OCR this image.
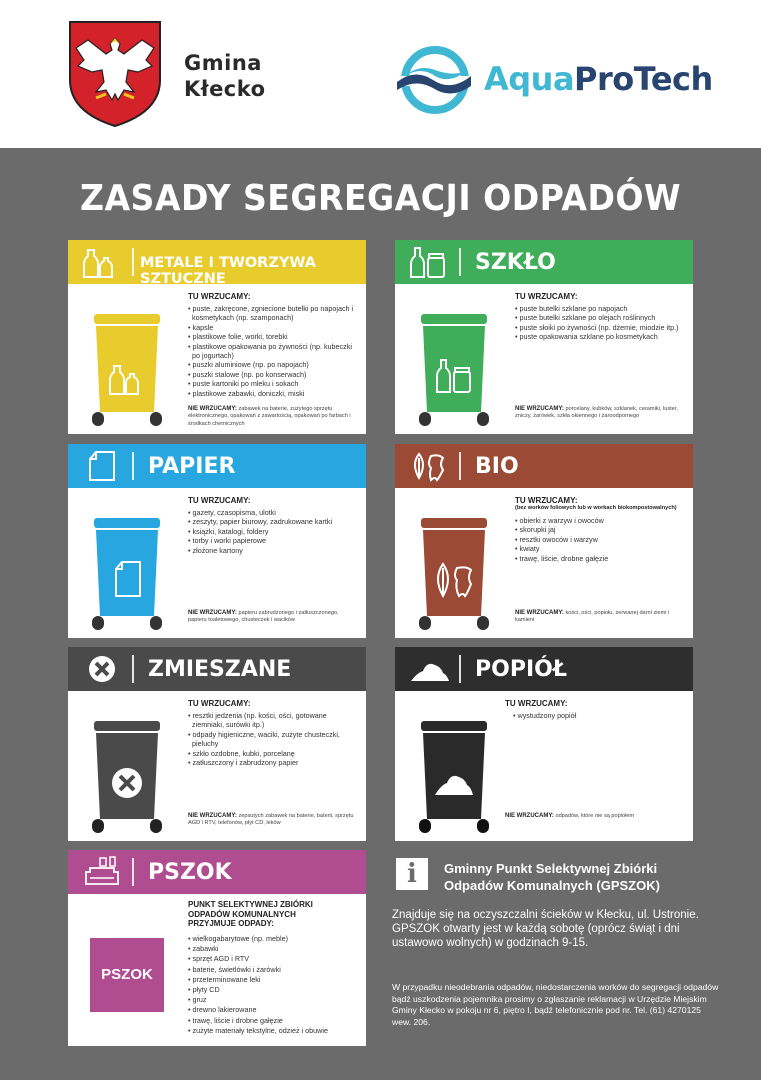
Gmina
Kłecko	AquaProTech
ZASADY SEGREGACJI ODPADÓW
METALE I TWORZYWA SZTUCZNE
TU WRZUCAMY:
• puste, zakręcone, zgniecione butelki po napojach i kosmetykach (np. szamponach)
• kapsle
• plastikowe folie, worki, torebki
• plastikowe opakowania po żywności (np. kubeczki po jogurtach)
• puszki aluminiowe (np. po napojach)
• puszki stalowe (np. po konserwach)
• puste kartoniki po mleku i sokach
• plastikowe zabawki, doniczki, miski
NIE WRZUCAMY: zabawek na baterie, zużytego sprzętu elektronicznego, opakowań z zawartością, opakowań po farbach i środkach chemicznych
SZKŁO
TU WRZUCAMY:
• puste butelki szklane po napojach
• puste butelki szklane po olejach roślinnych
• puste słoiki po żywności (np. dżemie, miodzie itp.)
• puste opakowania szklane po kosmetykach
NIE WRZUCAMY: porcelany, kubków, szklanek, ceramiki, luster, zniczy, żarówek, szkła okiennego i żaroodpornego
PAPIER
TU WRZUCAMY:
• gazety, czasopisma, ulotki
• zeszyty, papier biurowy, zadrukowane kartki
• książki, katalogi, foldery
• torby i worki papierowe
• złożone kartony
NIE WRZUCAMY: papieru zabrudzonego i zatłuszczonego, papieru toaletowego, chusteczek i wacików
BIO
TU WRZUCAMY:
(bez worków foliowych lub w workach biokompostowalnych)
• obierki z warzyw i owoców
• skorupki jaj
• resztki owoców i warzyw
• kwiaty
• trawę, liście, drobne gałęzie
NIE WRZUCAMY: kości, ości, popiołu, zerwanej darni ziemi i kamieni
ZMIESZANE
TU WRZUCAMY:
• resztki jedzenia (np. kości, ości, gotowane ziemniaki, surówki itp.)
• odpady higieniczne, waciki, zużyte chusteczki, pieluchy
• szkło ozdobne, kubki, porcelanę
• zatłuszczony i zabrudzony papier
NIE WRZUCAMY: zepsutych zabawek na baterie, baterii, sprzętu AGD i RTV, telefonów, płyt CD, leków
POPIÓŁ
TU WRZUCAMY:
• wystudzony popiół
NIE WRZUCAMY: odpadów, które nie są popiołem
PSZOK
PUNKT SELEKTYWNEJ ZBIÓRKI ODPADÓW KOMUNALNYCH PRZYJMUJE ODPADY:
• wielkogabarytowe (np. meble)
• zabawki
• sprzęt AGD i RTV
• baterie, świetlówki i żarówki
• przeterminowane leki
• płyty CD
• gruz
• drewno lakierowane
• trawę, liście i drobne gałęzie
• zużyte materiały tekstylne, odzież i obuwie
PSZOK
i	Gminny Punkt Selektywnej Zbiórki
Odpadów Komunalnych (GPSZOK)
Znajduje się na oczyszczalni ścieków w Kłecku, ul. Ustronie. GPSZOK otwarty jest w każdą sobotę (oprócz świąt i dni ustawowo wolnych) w godzinach 9-15.
W przypadku nieodebrania odpadów, niedostarczenia worków do segregacji odpadów bądź uszkodzenia pojemnika prosimy o zgłaszanie reklamacji w Urzędzie Miejskim Gminy Kłecko w pokoju nr 6, piętro I, bądź telefonicznie pod nr. Tel. (61) 4270125 wew. 206.
